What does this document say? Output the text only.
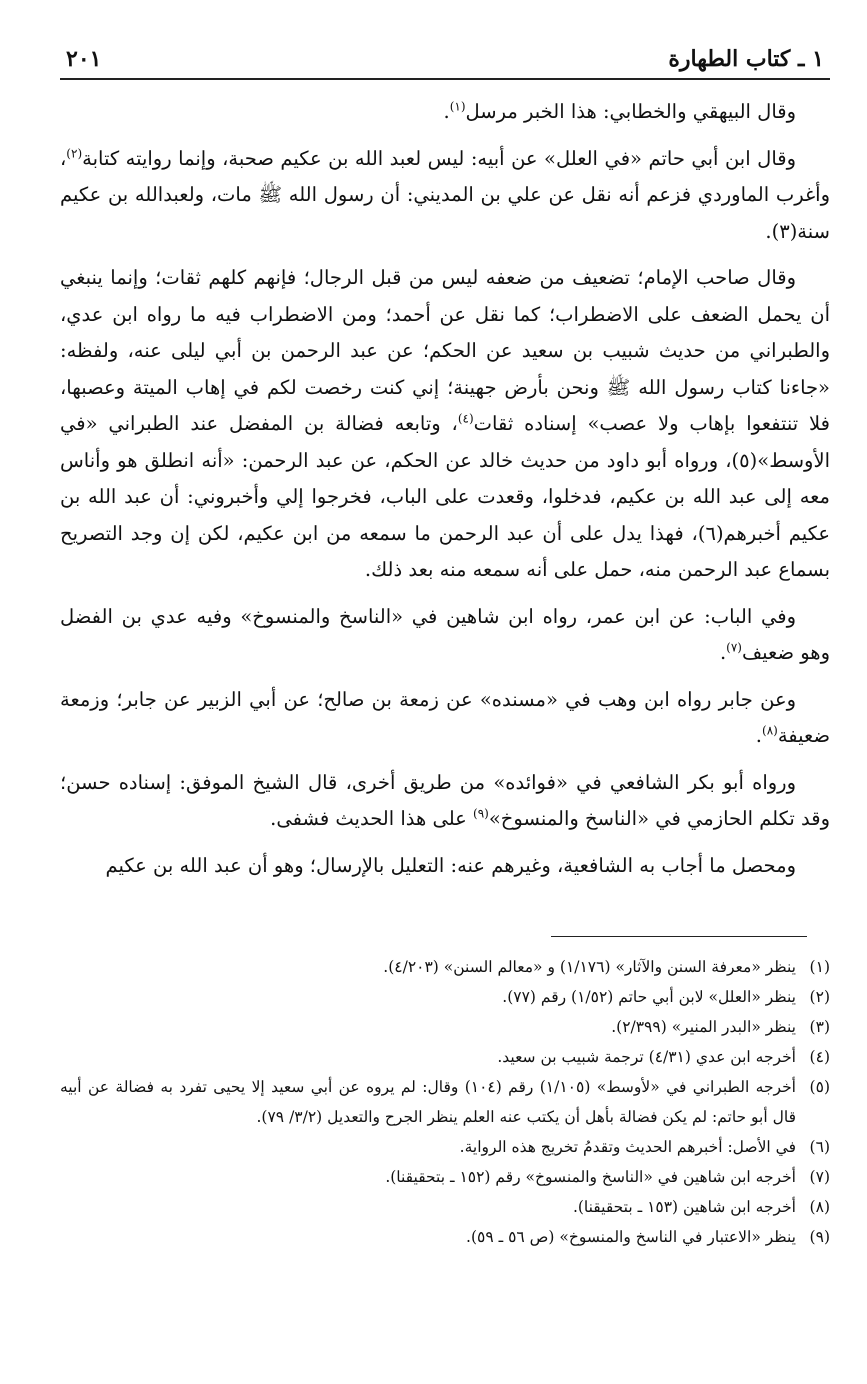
١ ـ كتاب الطهارة
٢٠١

وقال البيهقي والخطابي: هذا الخبر مرسل$^{(١)}$.

وقال ابن أبي حاتم «في العلل» عن أبيه: ليس لعبد الله بن عكيم صحبة، وإنما روايته كتابة$^{(٢)}$، وأغرب الماوردي فزعم أنه نقل عن علي بن المديني: أن رسول الله ﷺ مات، ولعبدالله بن عكيم سنة(٣).

وقال صاحب الإمام؛ تضعيف من ضعفه ليس من قبل الرجال؛ فإنهم كلهم ثقات؛ وإنما ينبغي أن يحمل الضعف على الاضطراب؛ كما نقل عن أحمد؛ ومن الاضطراب فيه ما رواه ابن عدي، والطبراني من حديث شبيب بن سعيد عن الحكم؛ عن عبد الرحمن بن أبي ليلى عنه، ولفظه: «جاءنا كتاب رسول الله ﷺ ونحن بأرض جهينة؛ إني كنت رخصت لكم في إهاب الميتة وعصبها، فلا تنتفعوا بإهاب ولا عصب» إسناده ثقات$^{(٤)}$، وتابعه فضالة بن المفضل عند الطبراني «في الأوسط»(٥)، ورواه أبو داود من حديث خالد عن الحكم، عن عبد الرحمن: «أنه انطلق هو وأناس معه إلى عبد الله بن عكيم، فدخلوا، وقعدت على الباب، فخرجوا إلي وأخبروني: أن عبد الله بن عكيم أخبرهم(٦)، فهذا يدل على أن عبد الرحمن ما سمعه من ابن عكيم، لكن إن وجد التصريح بسماع عبد الرحمن منه، حمل على أنه سمعه منه بعد ذلك.

وفي الباب: عن ابن عمر، رواه ابن شاهين في «الناسخ والمنسوخ» وفيه عدي بن الفضل وهو ضعيف$^{(٧)}$.

وعن جابر رواه ابن وهب في «مسنده» عن زمعة بن صالح؛ عن أبي الزبير عن جابر؛ وزمعة ضعيفة$^{(٨)}$.

ورواه أبو بكر الشافعي في «فوائده» من طريق أخرى، قال الشيخ الموفق: إسناده حسن؛ وقد تكلم الحازمي في «الناسخ والمنسوخ»$^{(٩)}$ على هذا الحديث فشفى.

ومحصل ما أجاب به الشافعية، وغيرهم عنه: التعليل بالإرسال؛ وهو أن عبد الله بن عكيم

(١)
ينظر «معرفة السنن والآثار» (١/١٧٦) و «معالم السنن» (٤/٢٠٣).
(٢)
ينظر «العلل» لابن أبي حاتم (١/٥٢) رقم (٧٧).
(٣)
ينظر «البدر المنير» (٢/٣٩٩).
(٤)
أخرجه ابن عدي (٤/٣١) ترجمة شبيب بن سعيد.
(٥)
أخرجه الطبراني في «لأوسط» (١/١٠٥) رقم (١٠٤) وقال: لم يروه عن أبي سعيد إلا يحيى تفرد به فضالة عن أبيه قال أبو حاتم: لم يكن فضالة بأهل أن يكتب عنه العلم ينظر الجرح والتعديل (٣/٢/ ٧٩).
(٦)
في الأصل: أخبرهم الحديث وتقدمُ تخريج هذه الرواية.
(٧)
أخرجه ابن شاهين في «الناسخ والمنسوخ» رقم (١٥٢ ـ بتحقيقنا).
(٨)
أخرجه ابن شاهين (١٥٣ ـ بتحقيقنا).
(٩)
ينظر «الاعتبار في الناسخ والمنسوخ» (ص ٥٦ ـ ٥٩).
